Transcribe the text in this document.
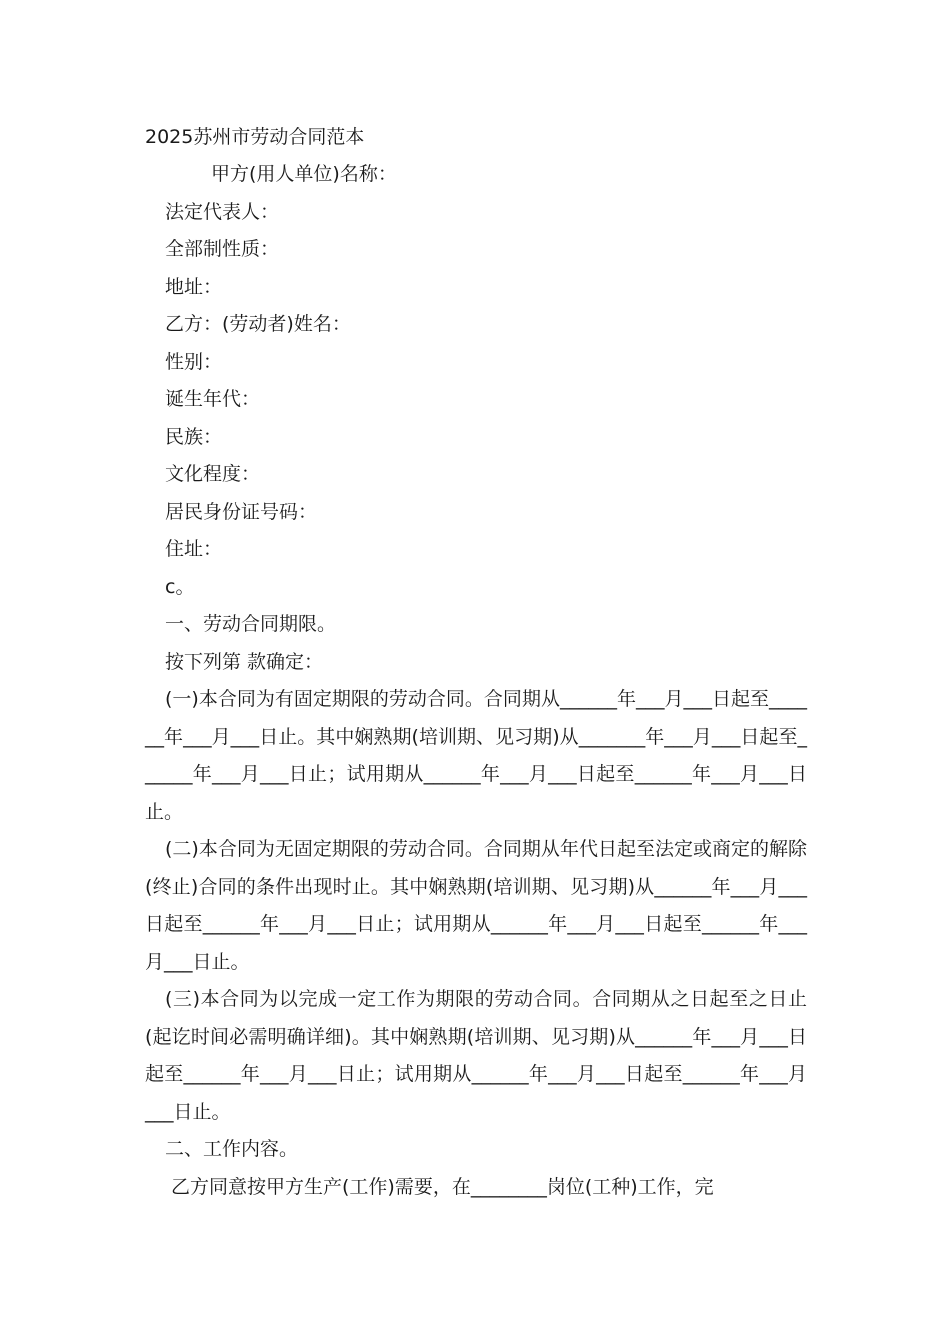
2025苏州市劳动合同范本
甲方(用人单位)名称：
法定代表人：
全部制性质：
地址：
乙方：(劳动者)姓名：
性别：
诞生年代：
民族：
文化程度：
居民身份证号码：
住址：
c。

一、劳动合同期限。

按下列第 款确定：

(一)本合同为有固定期限的劳动合同。合同期从______年___月___日起至______年___月___日止。其中娴熟期(培训期、见习期)从_______年___月___日起至______年___月___日止；试用期从______年___月___日起至______年___月___日止。

(二)本合同为无固定期限的劳动合同。合同期从年代日起至法定或商定的解除(终止)合同的条件出现时止。其中娴熟期(培训期、见习期)从______年___月___日起至______年___月___日止；试用期从______年___月___日起至______年___月___日止。

(三)本合同为以完成一定工作为期限的劳动合同。合同期从之日起至之日止(起讫时间必需明确详细)。其中娴熟期(培训期、见习期)从______年___月___日起至______年___月___日止；试用期从______年___月___日起至______年___月___日止。

二、工作内容。

乙方同意按甲方生产(工作)需要，在________岗位(工种)工作，完
